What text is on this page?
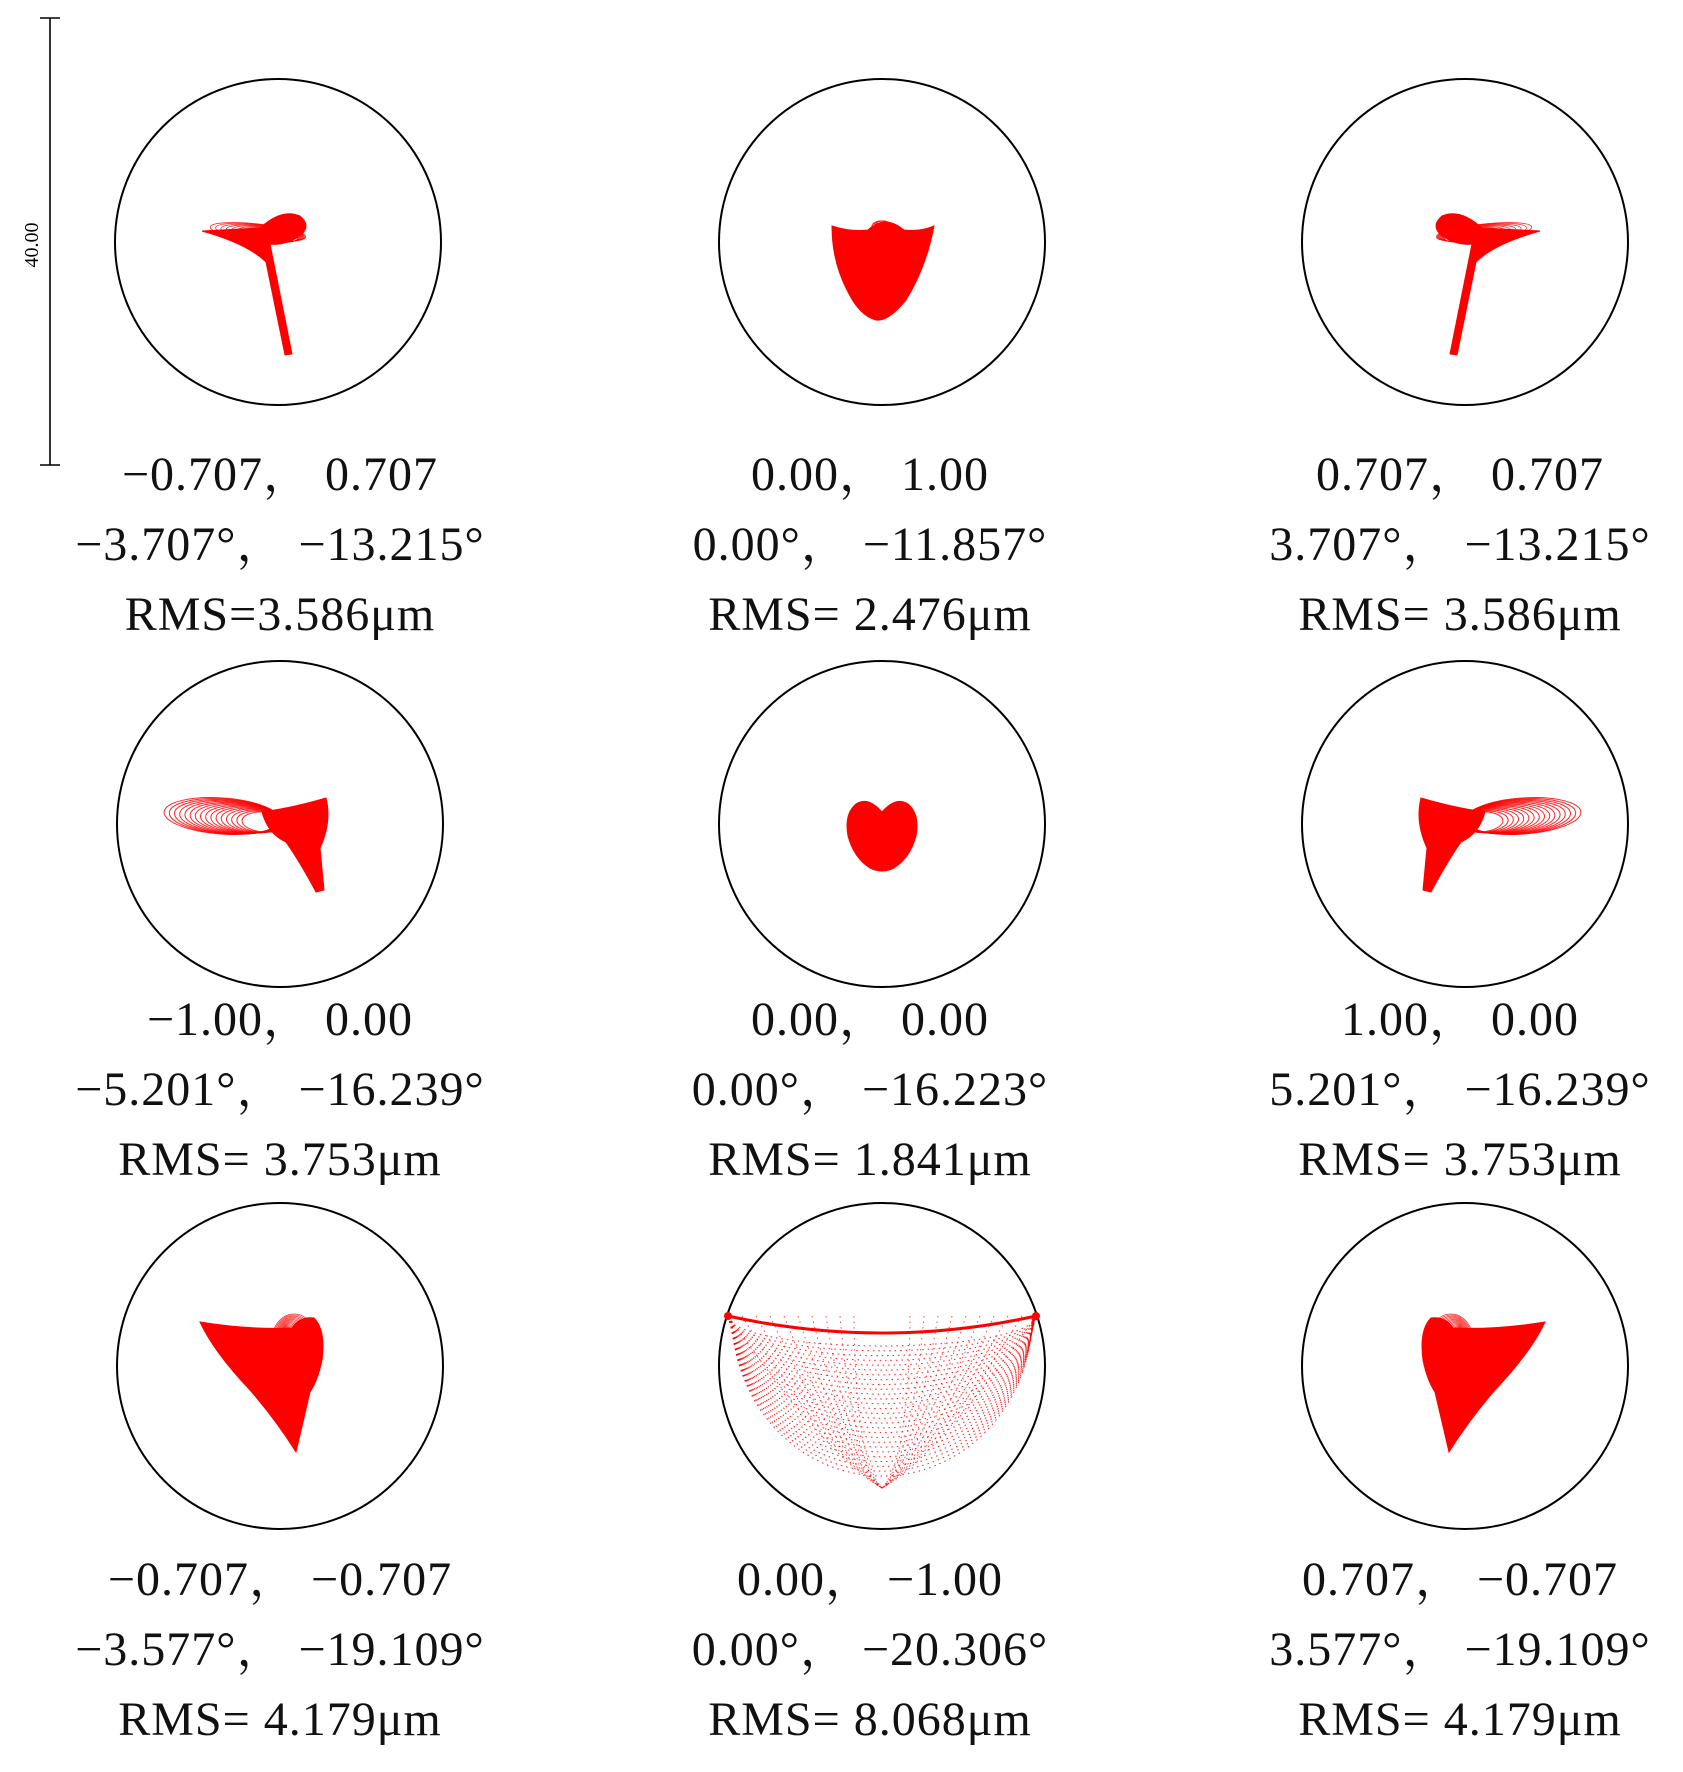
40.00
−0.707， 0.707
−3.707°， −13.215°
RMS=3.586μm
0.00， 1.00
0.00°， −11.857°
RMS= 2.476μm
0.707， 0.707
3.707°， −13.215°
RMS= 3.586μm
−1.00， 0.00
−5.201°， −16.239°
RMS= 3.753μm
0.00， 0.00
0.00°， −16.223°
RMS= 1.841μm
1.00， 0.00
5.201°， −16.239°
RMS= 3.753μm
−0.707， −0.707
−3.577°， −19.109°
RMS= 4.179μm
0.00， −1.00
0.00°， −20.306°
RMS= 8.068μm
0.707， −0.707
3.577°， −19.109°
RMS= 4.179μm
